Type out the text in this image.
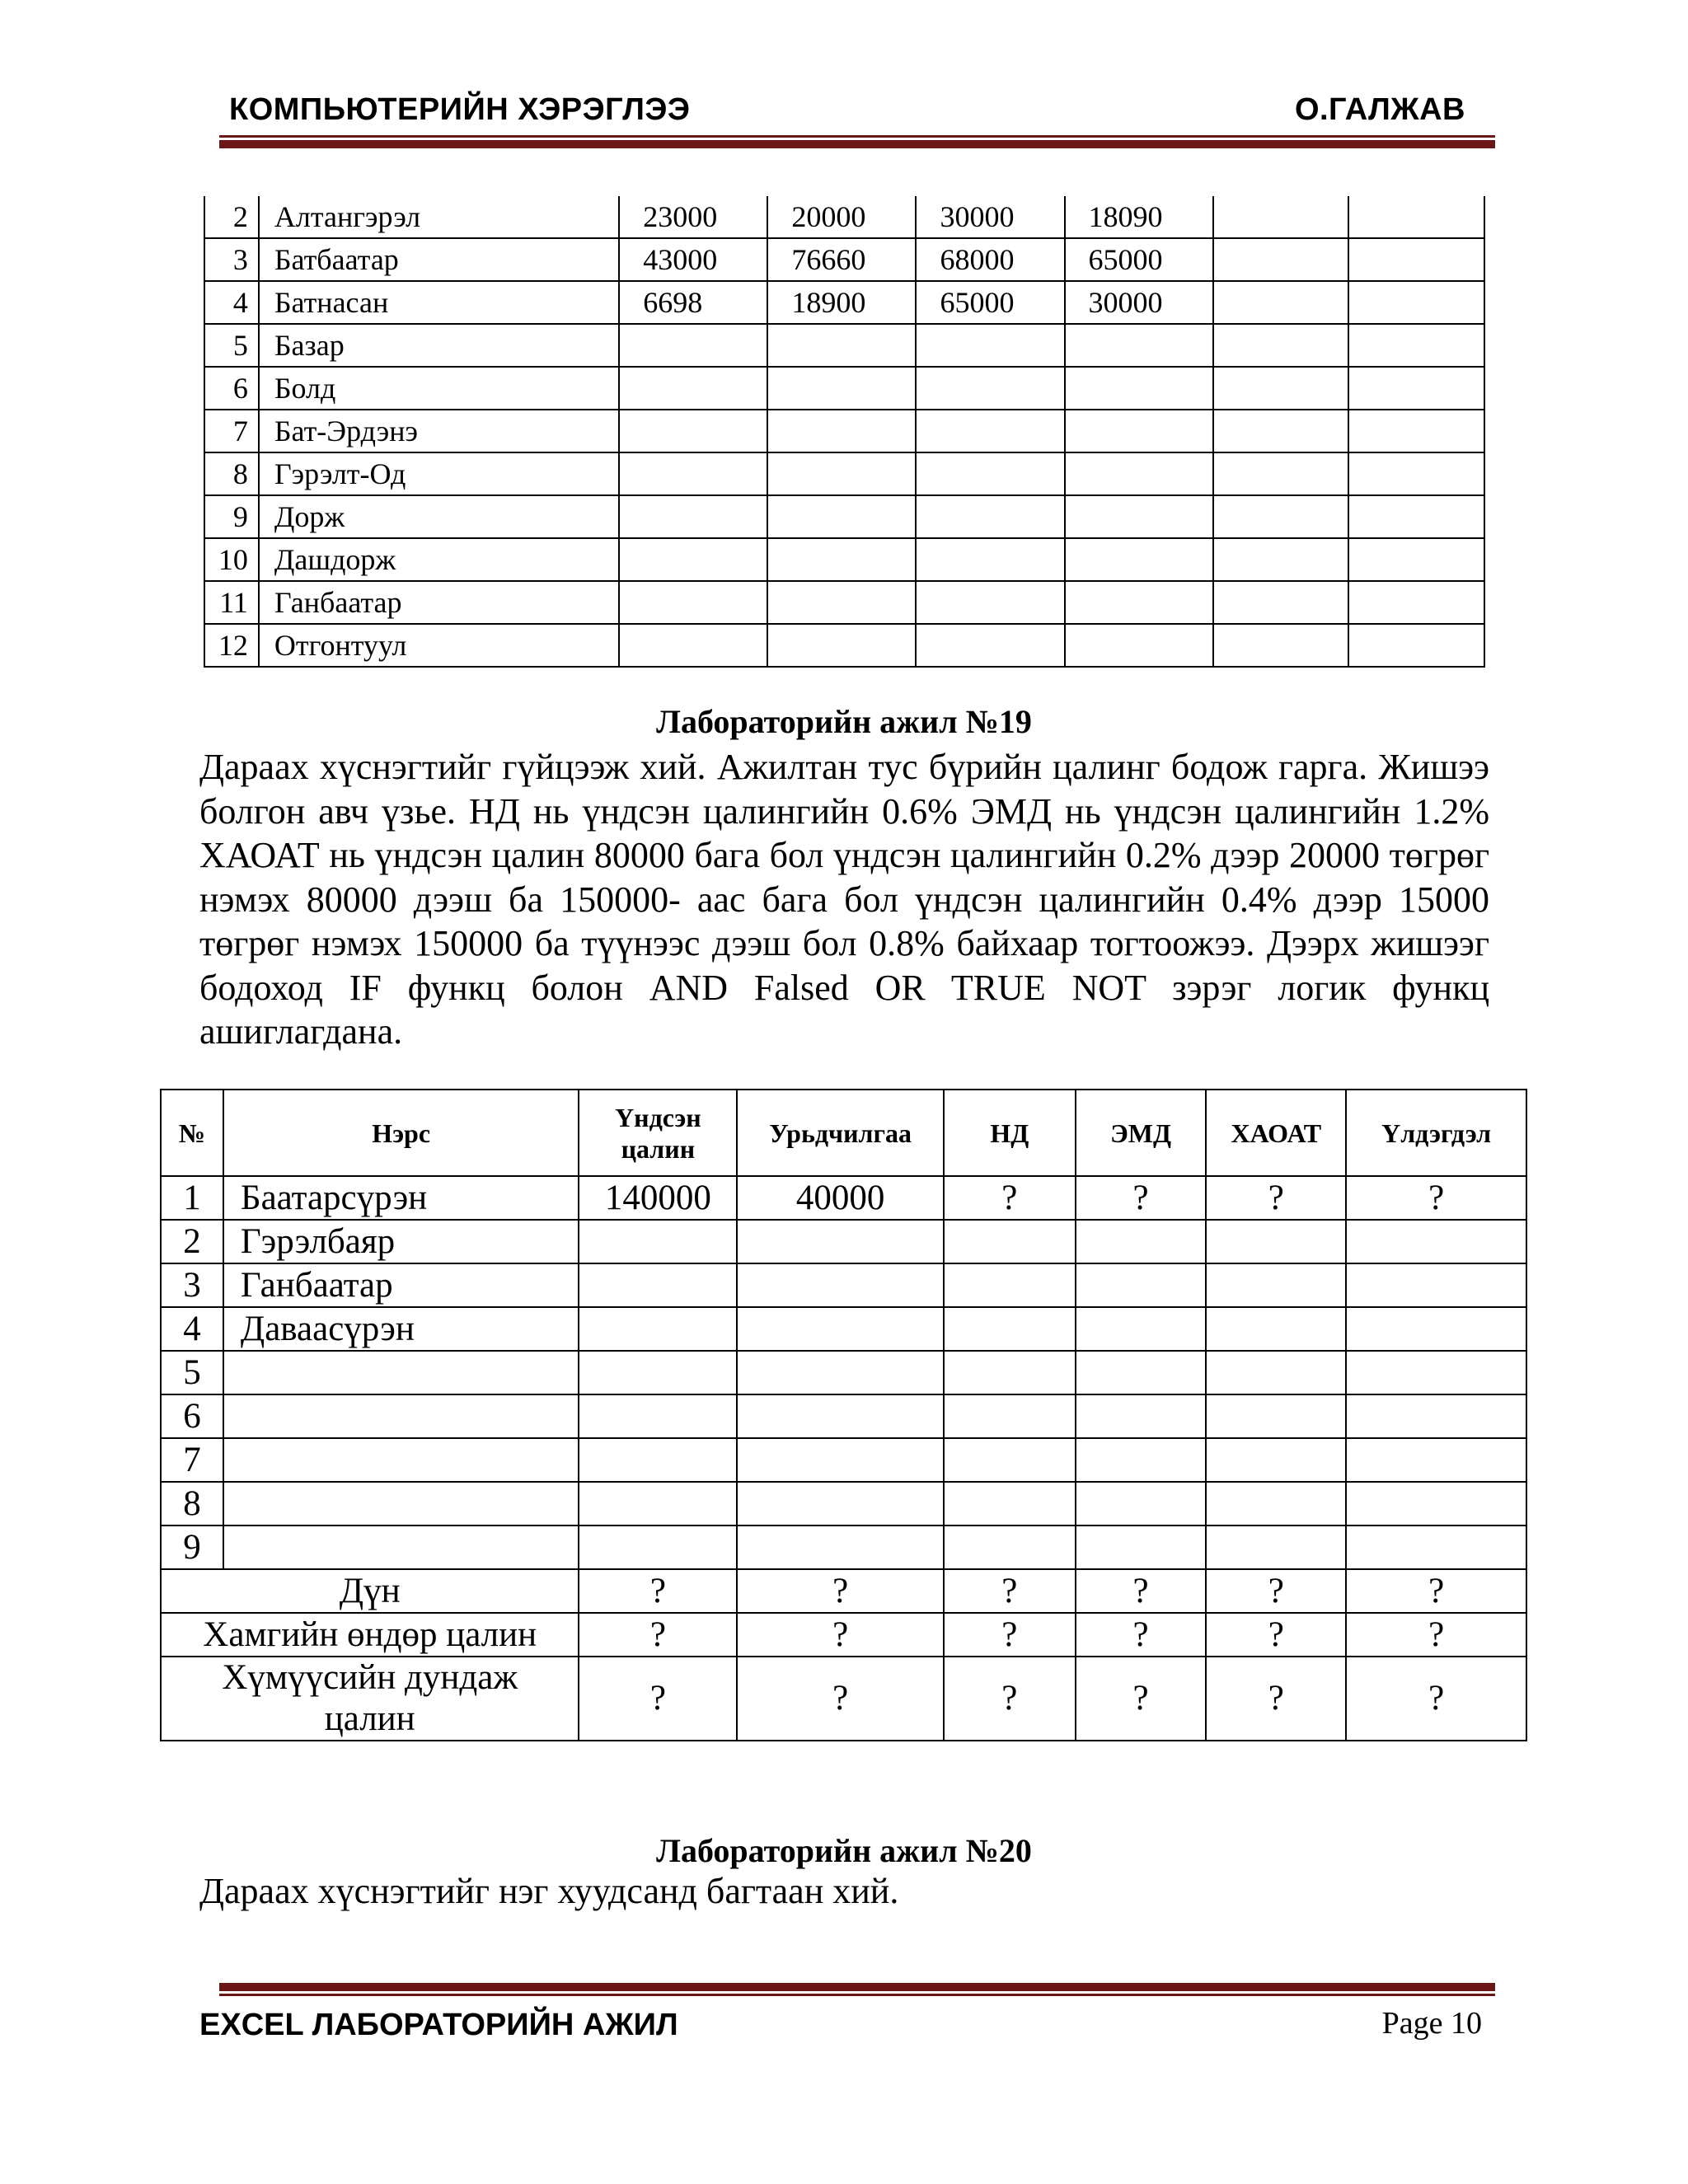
КОМПЬЮТЕРИЙН ХЭРЭГЛЭЭ	О.ГАЛЖАВ
2	Алтангэрэл	23000	20000	30000	18090		
3	Батбаатар	43000	76660	68000	65000		
4	Батнасан	6698	18900	65000	30000		
5	Базар						
6	Болд						
7	Бат-Эрдэнэ						
8	Гэрэлт-Од						
9	Дорж						
10	Дашдорж						
11	Ганбаатар						
12	Отгонтуул						
Лабораторийн ажил №19
Дараах хүснэгтийг гүйцээж хий. Ажилтан тус бүрийн цалинг бодож гарга. Жишээ болгон авч үзье. НД нь үндсэн цалингийн 0.6% ЭМД нь үндсэн цалингийн 1.2% ХАОАТ нь үндсэн цалин 80000 бага бол үндсэн цалингийн 0.2% дээр 20000 төгрөг нэмэх 80000 дээш ба 150000- аас бага бол үндсэн цалингийн 0.4% дээр 15000 төгрөг нэмэх 150000 ба түүнээс дээш бол 0.8% байхаар тогтоожээ. Дээрх жишээг бодоход IF функц болон AND Falsed OR TRUE NOT зэрэг логик функц ашиглагдана.
№	Нэрс	Үндсэн цалин	Урьдчилгаа	НД	ЭМД	ХАОАТ	Үлдэгдэл
1	Баатарсүрэн	140000	40000	?	?	?	?
2	Гэрэлбаяр						
3	Ганбаатар						
4	Даваасүрэн						
5							
6							
7							
8							
9							
Дүн		?	?	?	?	?	?
Хамгийн өндөр цалин		?	?	?	?	?	?
Хүмүүсийн дундаж цалин		?	?	?	?	?	?
Лабораторийн ажил №20
Дараах хүснэгтийг нэг хуудсанд багтаан хий.
EXCEL ЛАБОРАТОРИЙН АЖИЛ	Page 10
